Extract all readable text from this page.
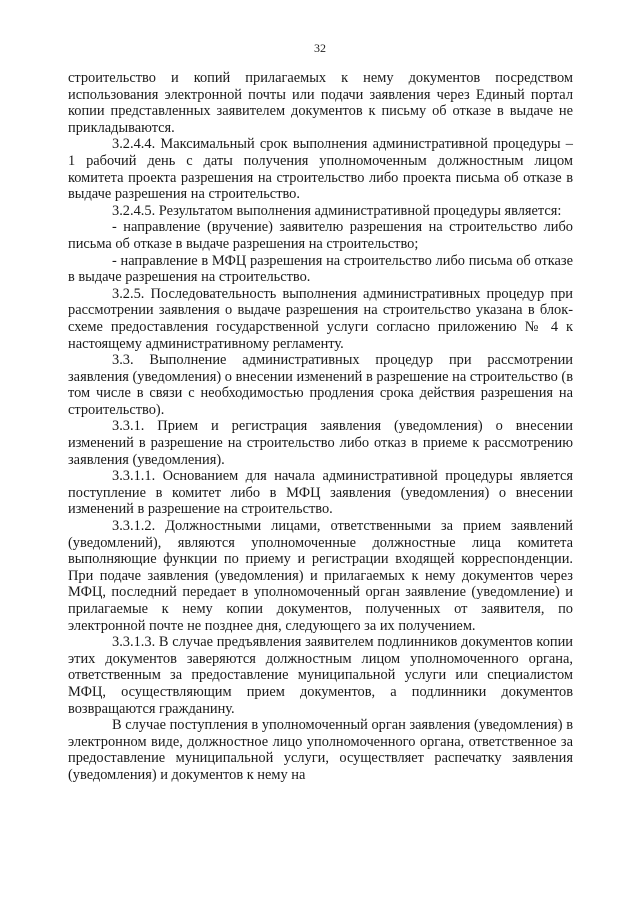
32

строительство и копий прилагаемых к нему документов посредством использования электронной почты или подачи заявления через Единый портал копии представленных заявителем документов к письму об отказе в выдаче не прикладываются.

3.2.4.4. Максимальный срок выполнения административной процедуры – 1 рабочий день с даты получения уполномоченным должностным лицом комитета проекта разрешения на строительство либо проекта письма об отказе в выдаче разрешения на строительство.

3.2.4.5. Результатом выполнения административной процедуры является:

- направление (вручение) заявителю разрешения на строительство либо письма об отказе в выдаче разрешения на строительство;

- направление в МФЦ разрешения на строительство либо письма об отказе в выдаче разрешения на строительство.

3.2.5. Последовательность выполнения административных процедур при рассмотрении заявления о выдаче разрешения на строительство указана в блок-схеме предоставления государственной услуги согласно приложению № 4 к настоящему административному регламенту.

3.3. Выполнение административных процедур при рассмотрении заявления (уведомления) о внесении изменений в разрешение на строительство (в том числе в связи с необходимостью продления срока действия разрешения на строительство).

3.3.1. Прием и регистрация заявления (уведомления) о внесении изменений в разрешение на строительство либо отказ в приеме к рассмотрению заявления (уведомления).

3.3.1.1. Основанием для начала административной процедуры является поступление в комитет либо в МФЦ заявления (уведомления) о внесении изменений в разрешение на строительство.

3.3.1.2. Должностными лицами, ответственными за прием заявлений (уведомлений), являются уполномоченные должностные лица комитета выполняющие функции по приему и регистрации входящей корреспонденции. При подаче заявления (уведомления) и прилагаемых к нему документов через МФЦ, последний передает в уполномоченный орган заявление (уведомление) и прилагаемые к нему копии документов, полученных от заявителя, по электронной почте не позднее дня, следующего за их получением.

3.3.1.3. В случае предъявления заявителем подлинников документов копии этих документов заверяются должностным лицом уполномоченного органа, ответственным за предоставление муниципальной услуги или специалистом МФЦ, осуществляющим прием документов, а подлинники документов возвращаются гражданину.

В случае поступления в уполномоченный орган заявления (уведомления) в электронном виде, должностное лицо уполномоченного органа, ответственное за предоставление муниципальной услуги, осуществляет распечатку заявления (уведомления) и документов к нему на
